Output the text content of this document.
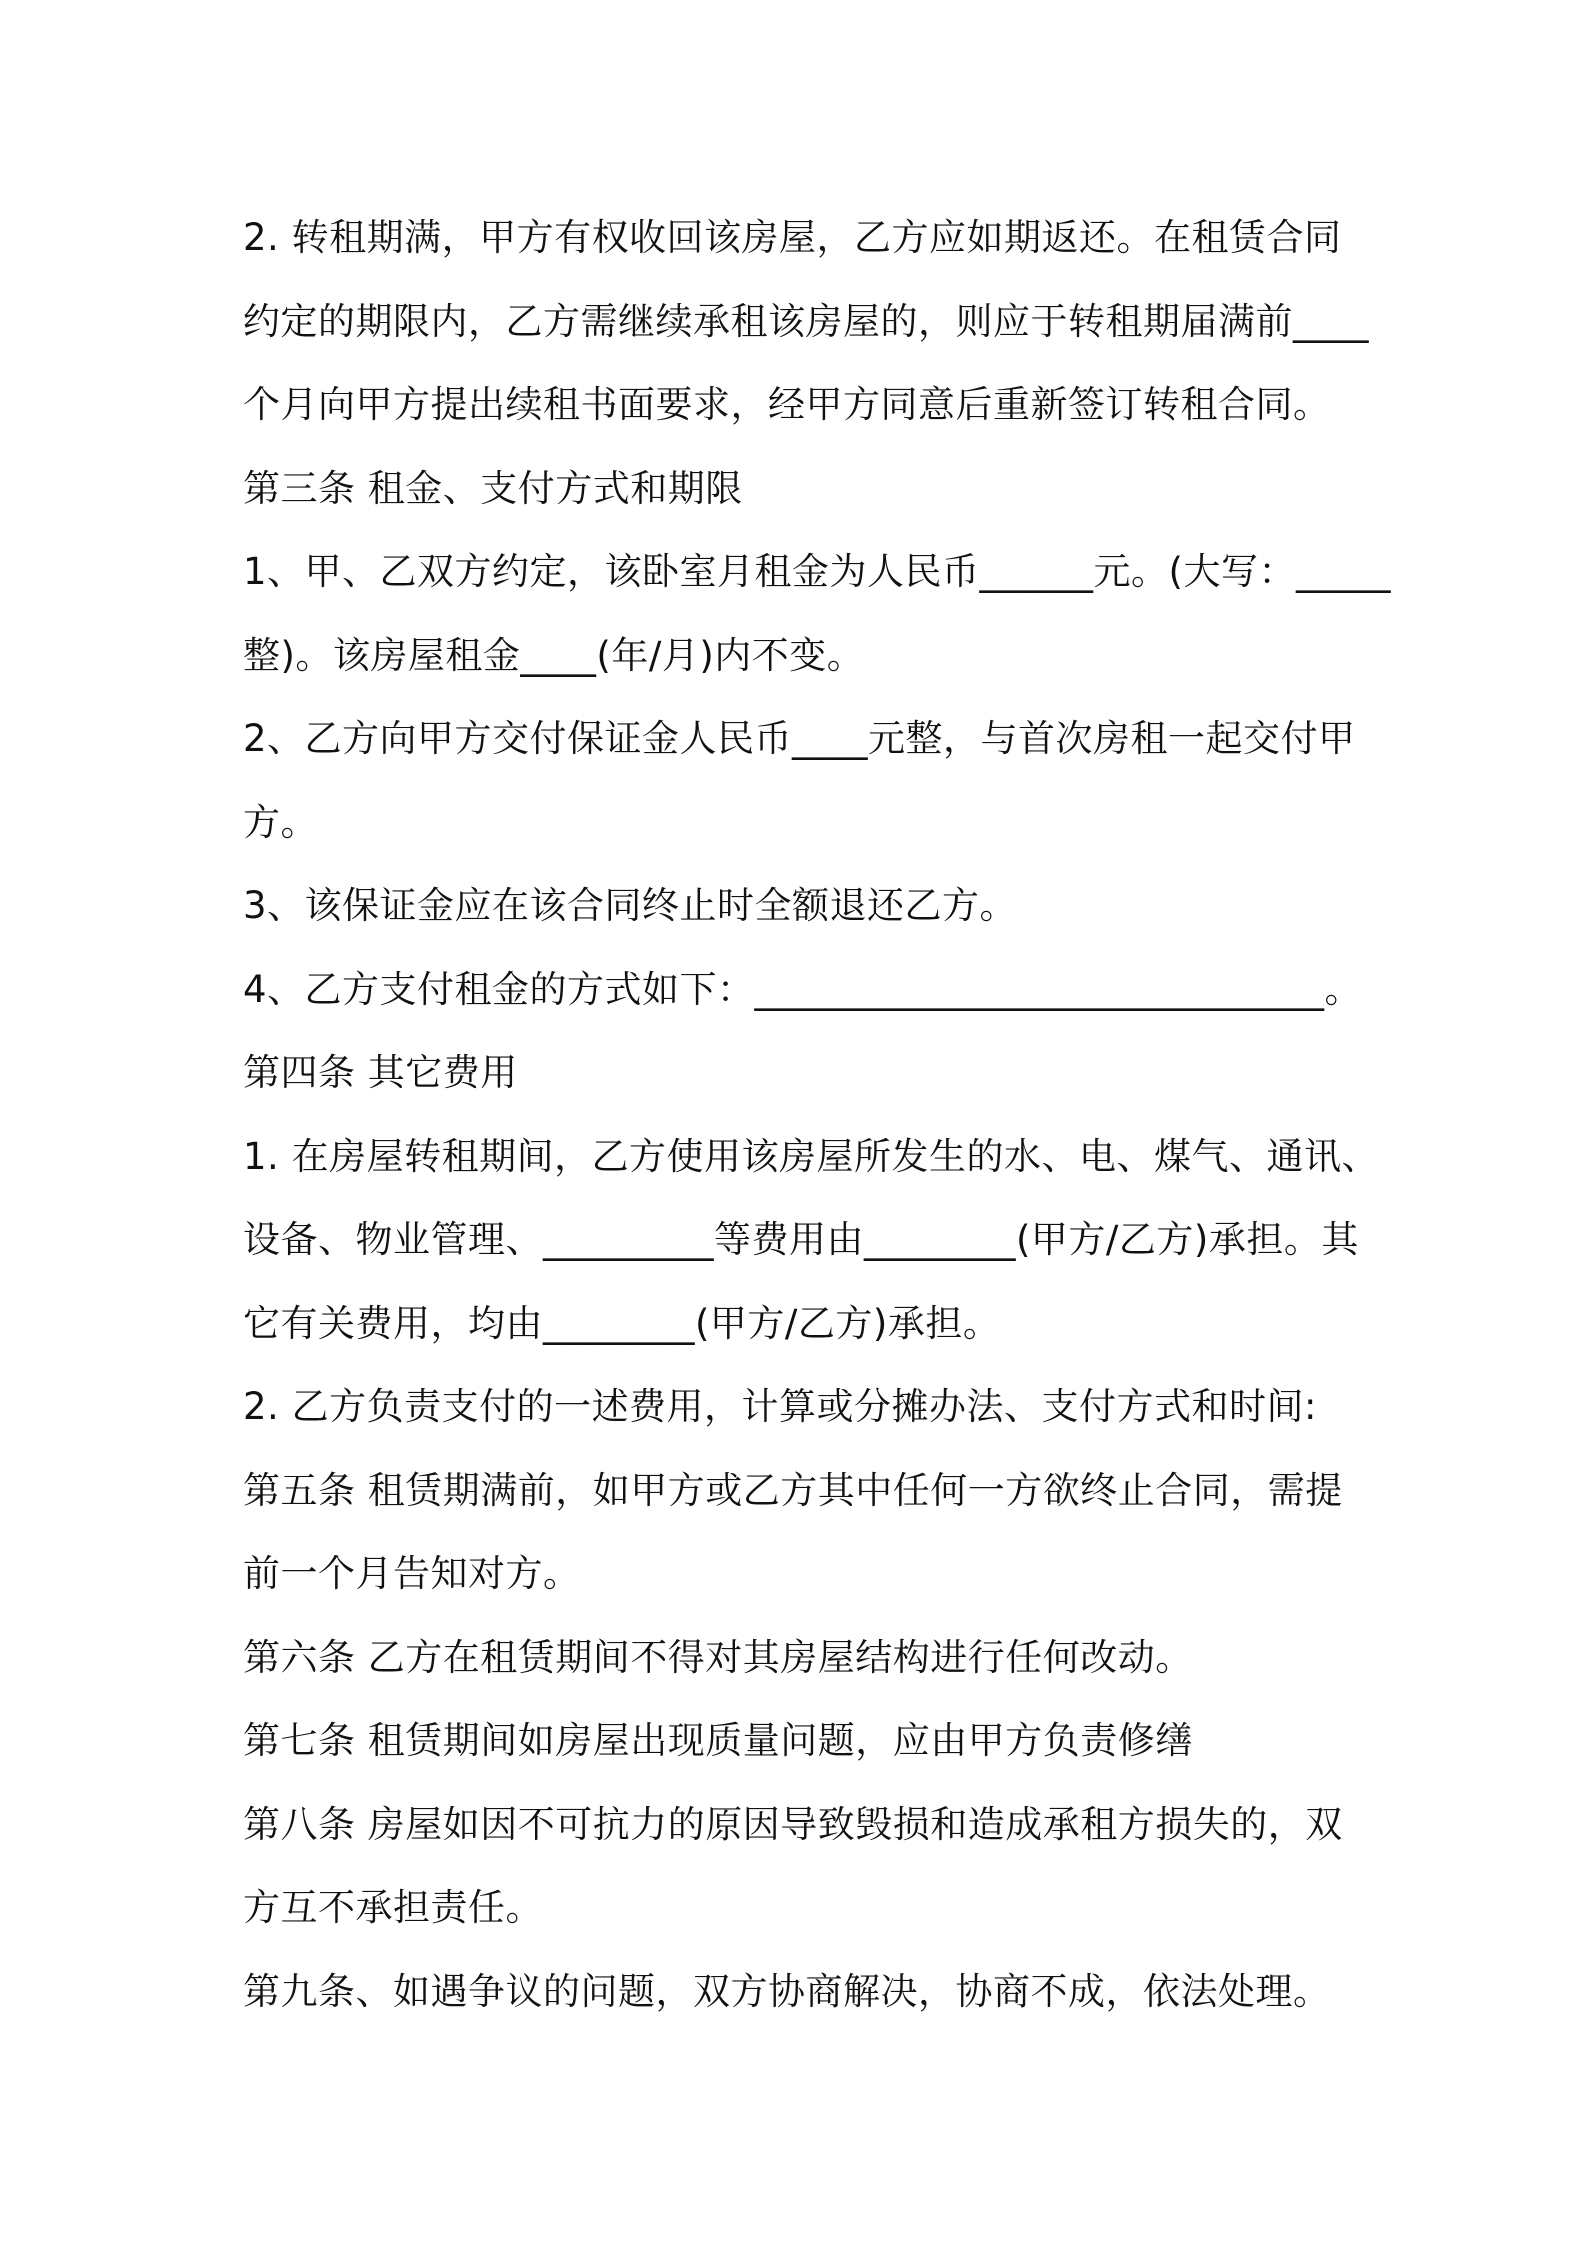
2. 转租期满，甲方有权收回该房屋，乙方应如期返还。在租赁合同
约定的期限内，乙方需继续承租该房屋的，则应于转租期届满前____
个月向甲方提出续租书面要求，经甲方同意后重新签订转租合同。
第三条 租金、支付方式和期限
1、甲、乙双方约定，该卧室月租金为人民币______元。(大写：_____
整)。该房屋租金____(年/月)内不变。
2、乙方向甲方交付保证金人民币____元整，与首次房租一起交付甲
方。
3、该保证金应在该合同终止时全额退还乙方。
4、乙方支付租金的方式如下：______________________________。
第四条 其它费用
1. 在房屋转租期间，乙方使用该房屋所发生的水、电、煤气、通讯、
设备、物业管理、_________等费用由________(甲方/乙方)承担。其
它有关费用，均由________(甲方/乙方)承担。
2. 乙方负责支付的一述费用，计算或分摊办法、支付方式和时间:
第五条 租赁期满前，如甲方或乙方其中任何一方欲终止合同，需提
前一个月告知对方。
第六条 乙方在租赁期间不得对其房屋结构进行任何改动。
第七条 租赁期间如房屋出现质量问题，应由甲方负责修缮
第八条 房屋如因不可抗力的原因导致毁损和造成承租方损失的，双
方互不承担责任。
第九条、如遇争议的问题，双方协商解决，协商不成，依法处理。
